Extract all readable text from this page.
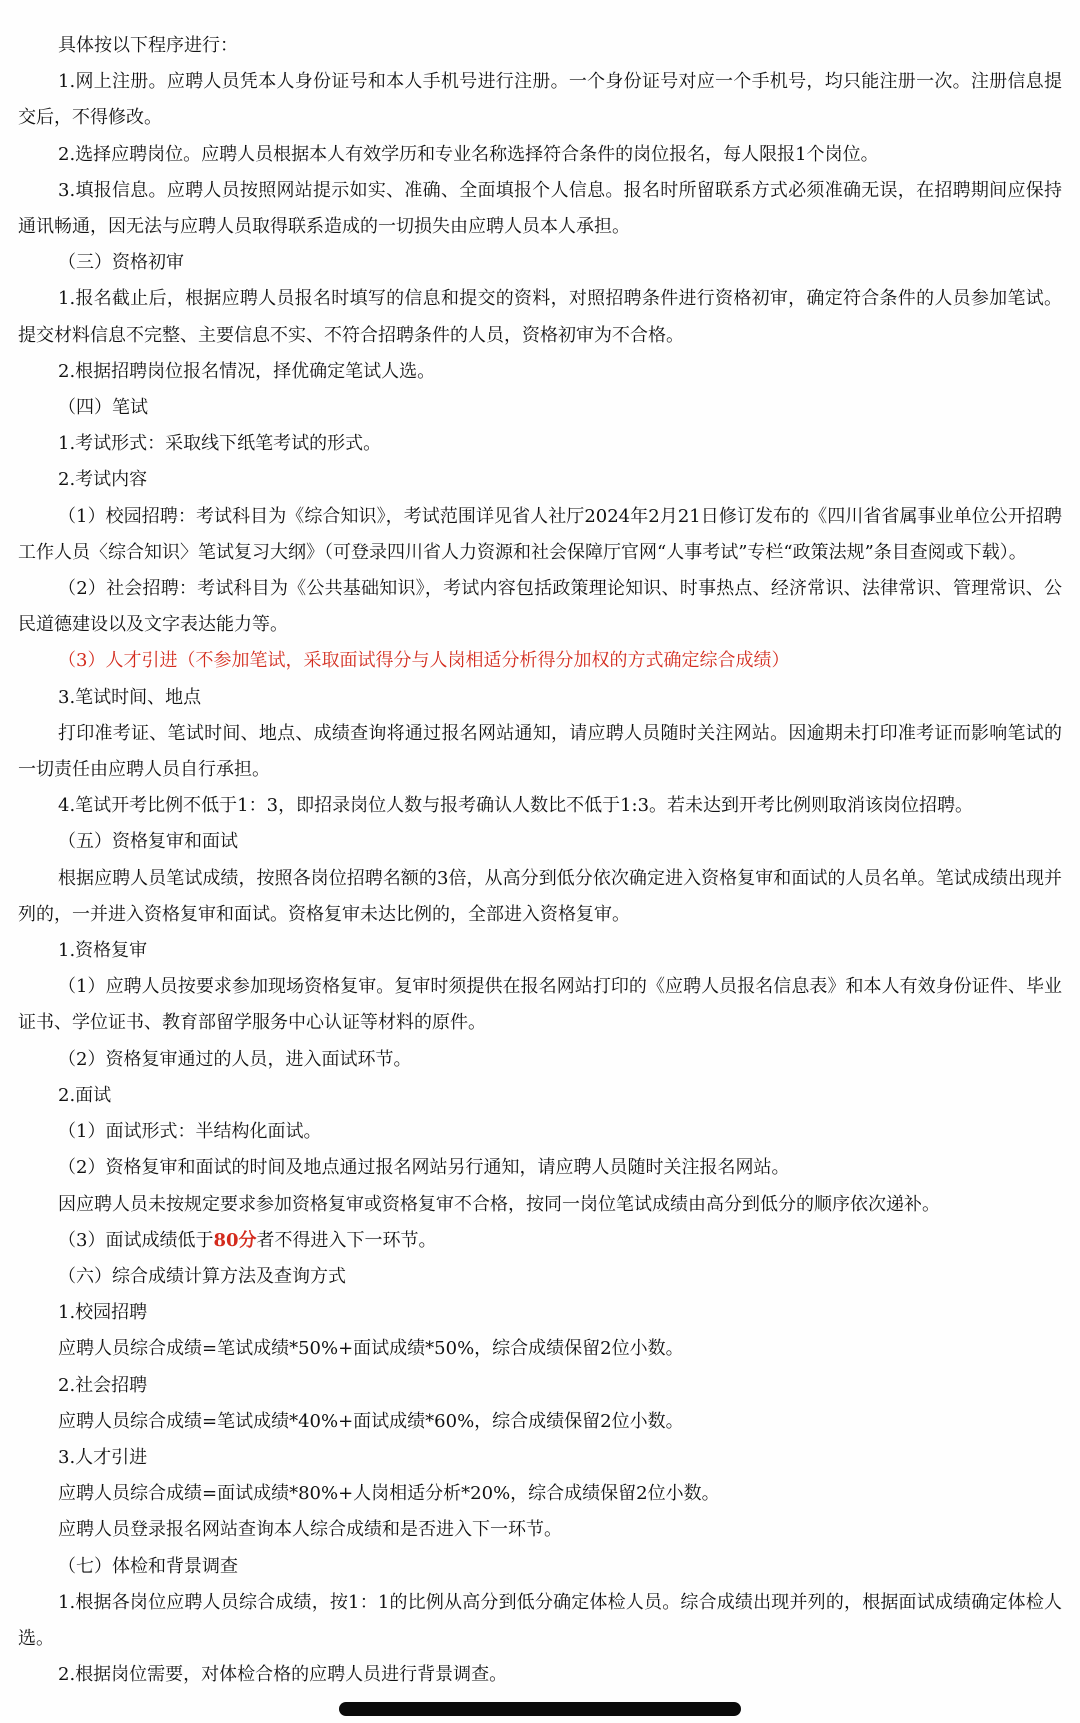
具体按以下程序进行：

1.网上注册。应聘人员凭本人身份证号和本人手机号进行注册。一个身份证号对应一个手机号，均只能注册一次。注册信息提交后，不得修改。

2.选择应聘岗位。应聘人员根据本人有效学历和专业名称选择符合条件的岗位报名，每人限报1个岗位。

3.填报信息。应聘人员按照网站提示如实、准确、全面填报个人信息。报名时所留联系方式必须准确无误，在招聘期间应保持通讯畅通，因无法与应聘人员取得联系造成的一切损失由应聘人员本人承担。

（三）资格初审

1.报名截止后，根据应聘人员报名时填写的信息和提交的资料，对照招聘条件进行资格初审，确定符合条件的人员参加笔试。提交材料信息不完整、主要信息不实、不符合招聘条件的人员，资格初审为不合格。

2.根据招聘岗位报名情况，择优确定笔试人选。

（四）笔试

1.考试形式：采取线下纸笔考试的形式。

2.考试内容

（1）校园招聘：考试科目为《综合知识》，考试范围详见省人社厅2024年2月21日修订发布的《四川省省属事业单位公开招聘工作人员〈综合知识〉笔试复习大纲》（可登录四川省人力资源和社会保障厅官网“人事考试”专栏“政策法规”条目查阅或下载）。

（2）社会招聘：考试科目为《公共基础知识》，考试内容包括政策理论知识、时事热点、经济常识、法律常识、管理常识、公民道德建设以及文字表达能力等。

（3）人才引进（不参加笔试，采取面试得分与人岗相适分析得分加权的方式确定综合成绩）

3.笔试时间、地点

打印准考证、笔试时间、地点、成绩查询将通过报名网站通知，请应聘人员随时关注网站。因逾期未打印准考证而影响笔试的一切责任由应聘人员自行承担。

4.笔试开考比例不低于1：3，即招录岗位人数与报考确认人数比不低于1:3。若未达到开考比例则取消该岗位招聘。

（五）资格复审和面试

根据应聘人员笔试成绩，按照各岗位招聘名额的3倍，从高分到低分依次确定进入资格复审和面试的人员名单。笔试成绩出现并列的，一并进入资格复审和面试。资格复审未达比例的，全部进入资格复审。

1.资格复审

（1）应聘人员按要求参加现场资格复审。复审时须提供在报名网站打印的《应聘人员报名信息表》和本人有效身份证件、毕业证书、学位证书、教育部留学服务中心认证等材料的原件。

（2）资格复审通过的人员，进入面试环节。

2.面试

（1）面试形式：半结构化面试。

（2）资格复审和面试的时间及地点通过报名网站另行通知，请应聘人员随时关注报名网站。

因应聘人员未按规定要求参加资格复审或资格复审不合格，按同一岗位笔试成绩由高分到低分的顺序依次递补。

（3）面试成绩低于80分者不得进入下一环节。

（六）综合成绩计算方法及查询方式

1.校园招聘

应聘人员综合成绩=笔试成绩*50%+面试成绩*50%，综合成绩保留2位小数。

2.社会招聘

应聘人员综合成绩=笔试成绩*40%+面试成绩*60%，综合成绩保留2位小数。

3.人才引进

应聘人员综合成绩=面试成绩*80%+人岗相适分析*20%，综合成绩保留2位小数。

应聘人员登录报名网站查询本人综合成绩和是否进入下一环节。

（七）体检和背景调查

1.根据各岗位应聘人员综合成绩，按1：1的比例从高分到低分确定体检人员。综合成绩出现并列的，根据面试成绩确定体检人选。

2.根据岗位需要，对体检合格的应聘人员进行背景调查。
